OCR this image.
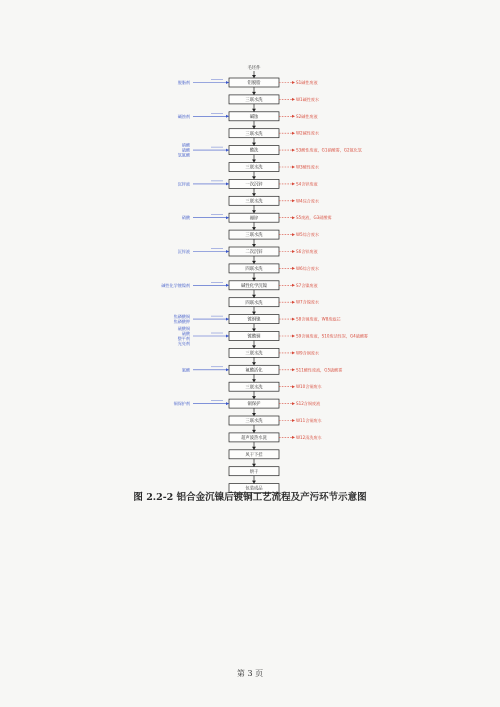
毛坯件
铝脱脂
脱脂剂	S1碱性废液
三联水洗	W1碱性废水
碱蚀
碱蚀剂	S2碱性废液
三联水洗	W2碱性废水
酸洗
硝酸
硫酸
氢氟酸
S3酸性废液，G1硝酸雾，G2氟化氢
三联水洗	W3酸性废水
一次沉锌
沉锌液	S4含锌废液
三联水洗	W4综合废水
褪锌
硝酸	S5废液，G3硝酸雾
三联水洗	W5综合废水
二次沉锌
沉锌液	S6含锌废液
四联水洗	W6综合废水
碱性化学沉镍
碱性化学镀镍剂	S7含镍废液
四联水洗	W7含镍废水
镀铜镍
焦磷酸铜
焦磷酸钾	S8含铜废液，W8废滤芯
镀酸铜
硫酸铜
硫酸
整平剂
光亮剂
S9含铜废液，S10废活性炭，G4硫酸雾
三联水洗	W9含铜废水
氟酸活化
氟酸	S11酸性废液，G5硫酸雾
三联水洗	W10含铜废水
铜保护
铜保护剂	S12含铜废液
三联水洗	W11含铜废水
超声波热水洗	W12清洗废水
风干下挂
烘干
包装成品
图 2.2-2 铝合金沉镍后镀铜工艺流程及产污环节示意图
第 3 页
